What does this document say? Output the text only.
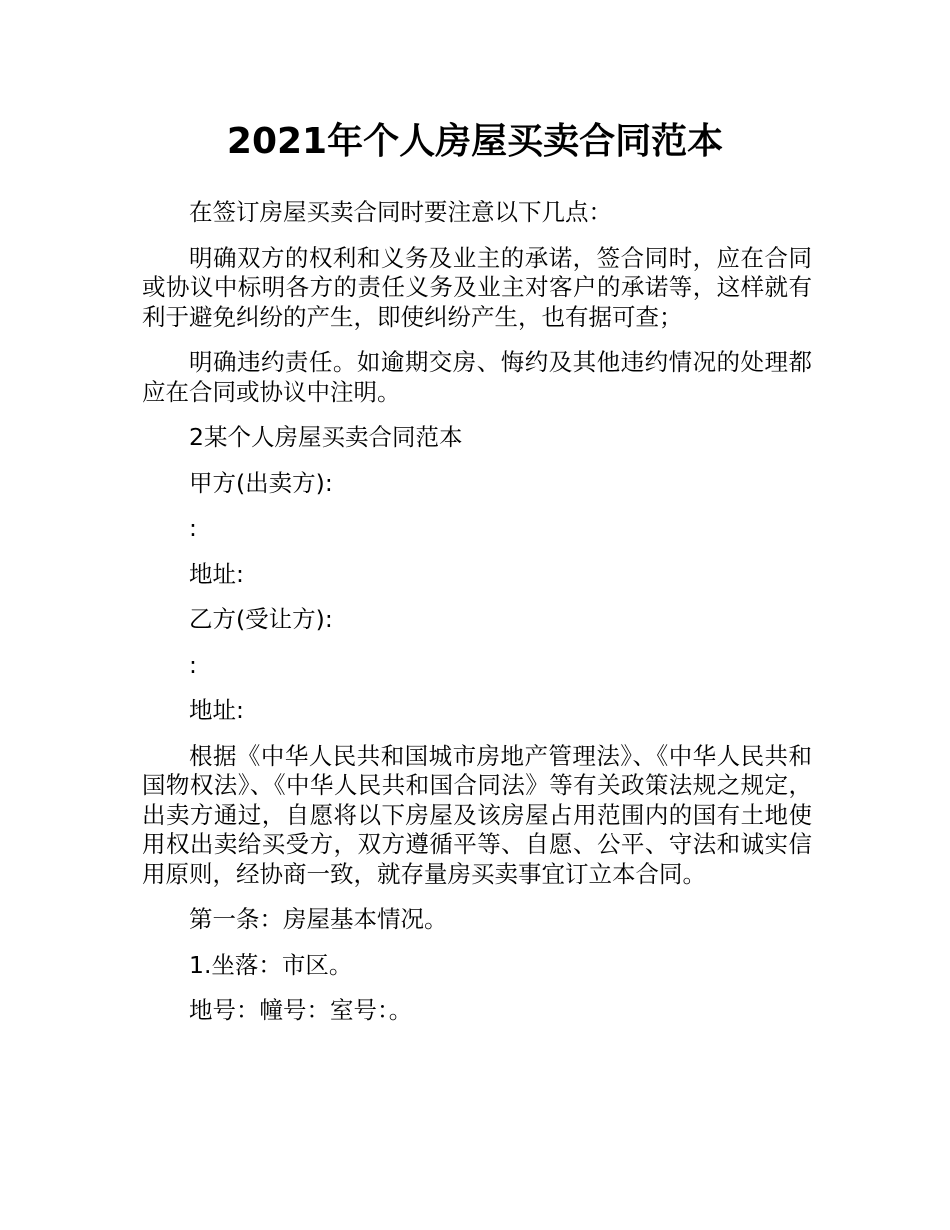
2021年个人房屋买卖合同范本

在签订房屋买卖合同时要注意以下几点：

明确双方的权利和义务及业主的承诺，签合同时，应在合同或协议中标明各方的责任义务及业主对客户的承诺等，这样就有利于避免纠纷的产生，即使纠纷产生，也有据可查；

明确违约责任。如逾期交房、悔约及其他违约情况的处理都应在合同或协议中注明。

2某个人房屋买卖合同范本

甲方(出卖方):

:

地址:

乙方(受让方):

:

地址:

根据《中华人民共和国城市房地产管理法》、《中华人民共和国物权法》、《中华人民共和国合同法》等有关政策法规之规定，出卖方通过，自愿将以下房屋及该房屋占用范围内的国有土地使用权出卖给买受方，双方遵循平等、自愿、公平、守法和诚实信用原则，经协商一致，就存量房买卖事宜订立本合同。

第一条：房屋基本情况。

1.坐落：市区。

地号：幢号：室号：。
